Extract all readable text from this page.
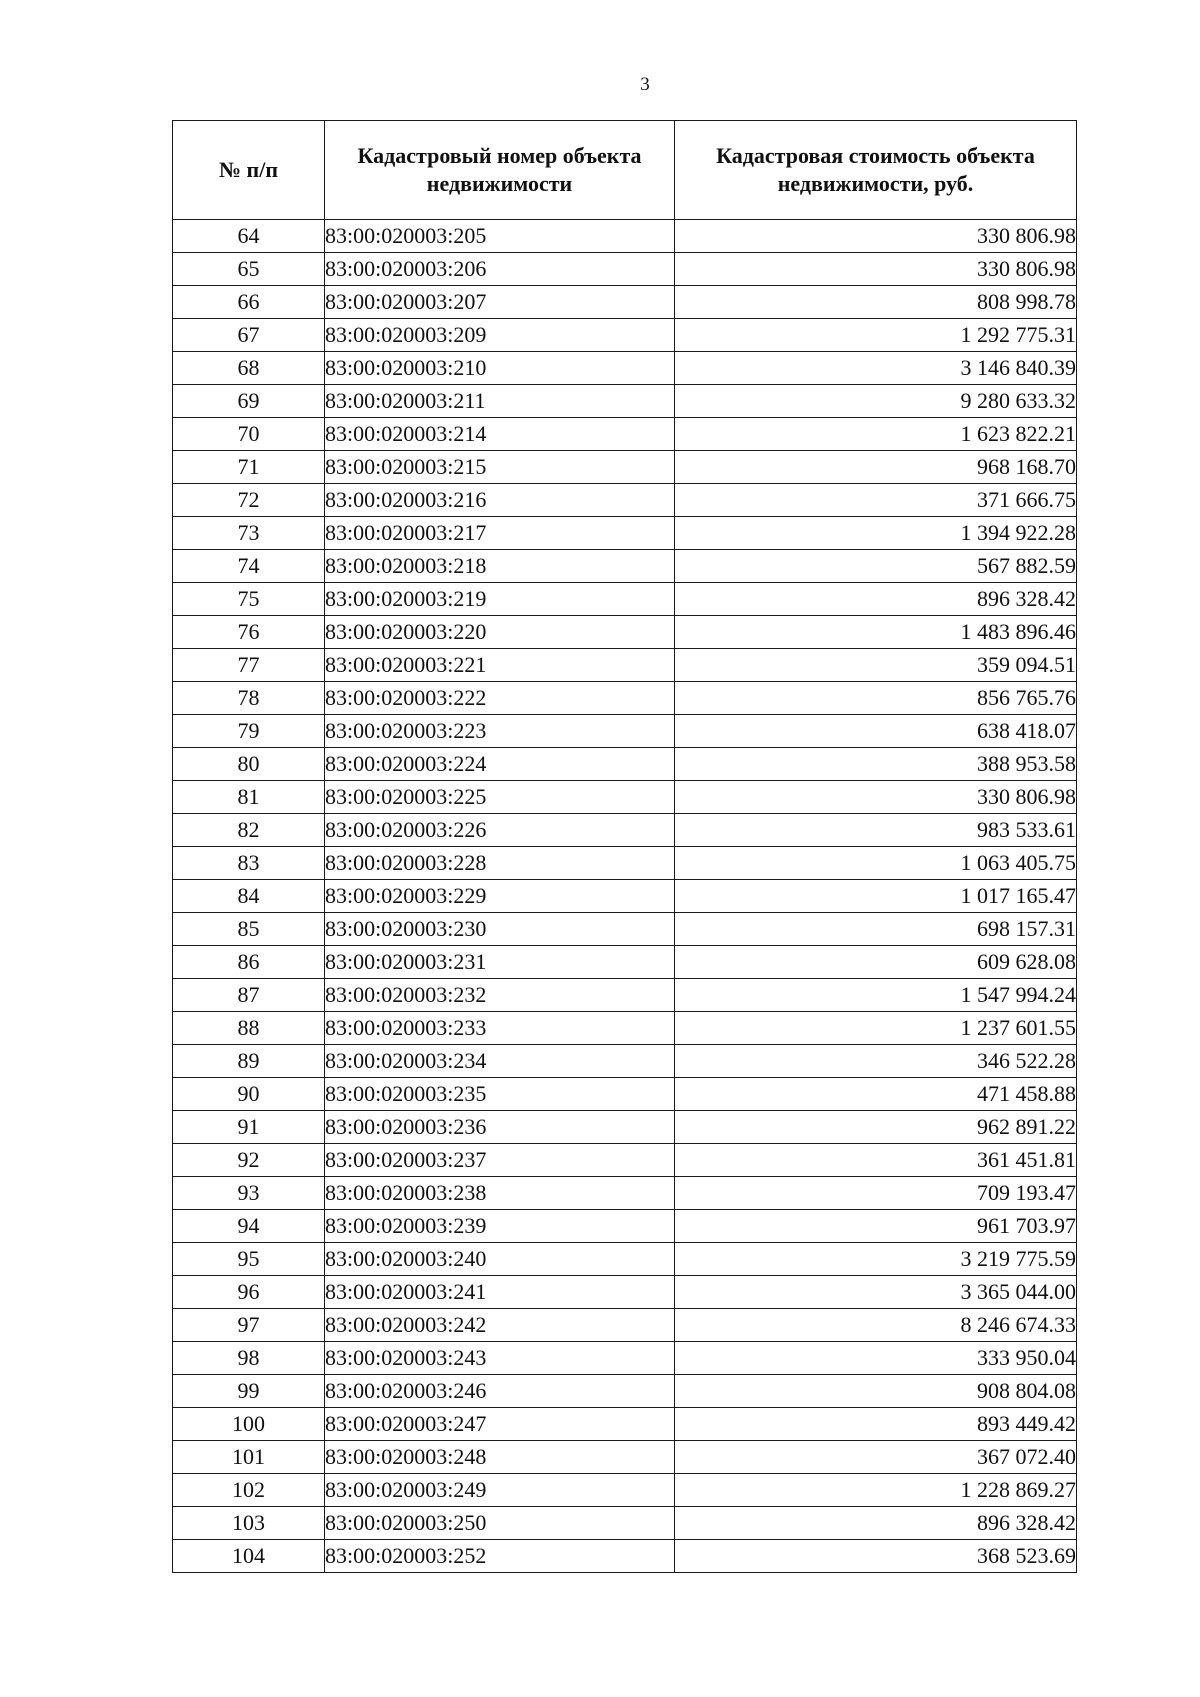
3
№ п/п	Кадастровый номер объекта недвижимости	Кадастровая стоимость объекта недвижимости, руб.
64	83:00:020003:205	330 806.98
65	83:00:020003:206	330 806.98
66	83:00:020003:207	808 998.78
67	83:00:020003:209	1 292 775.31
68	83:00:020003:210	3 146 840.39
69	83:00:020003:211	9 280 633.32
70	83:00:020003:214	1 623 822.21
71	83:00:020003:215	968 168.70
72	83:00:020003:216	371 666.75
73	83:00:020003:217	1 394 922.28
74	83:00:020003:218	567 882.59
75	83:00:020003:219	896 328.42
76	83:00:020003:220	1 483 896.46
77	83:00:020003:221	359 094.51
78	83:00:020003:222	856 765.76
79	83:00:020003:223	638 418.07
80	83:00:020003:224	388 953.58
81	83:00:020003:225	330 806.98
82	83:00:020003:226	983 533.61
83	83:00:020003:228	1 063 405.75
84	83:00:020003:229	1 017 165.47
85	83:00:020003:230	698 157.31
86	83:00:020003:231	609 628.08
87	83:00:020003:232	1 547 994.24
88	83:00:020003:233	1 237 601.55
89	83:00:020003:234	346 522.28
90	83:00:020003:235	471 458.88
91	83:00:020003:236	962 891.22
92	83:00:020003:237	361 451.81
93	83:00:020003:238	709 193.47
94	83:00:020003:239	961 703.97
95	83:00:020003:240	3 219 775.59
96	83:00:020003:241	3 365 044.00
97	83:00:020003:242	8 246 674.33
98	83:00:020003:243	333 950.04
99	83:00:020003:246	908 804.08
100	83:00:020003:247	893 449.42
101	83:00:020003:248	367 072.40
102	83:00:020003:249	1 228 869.27
103	83:00:020003:250	896 328.42
104	83:00:020003:252	368 523.69
